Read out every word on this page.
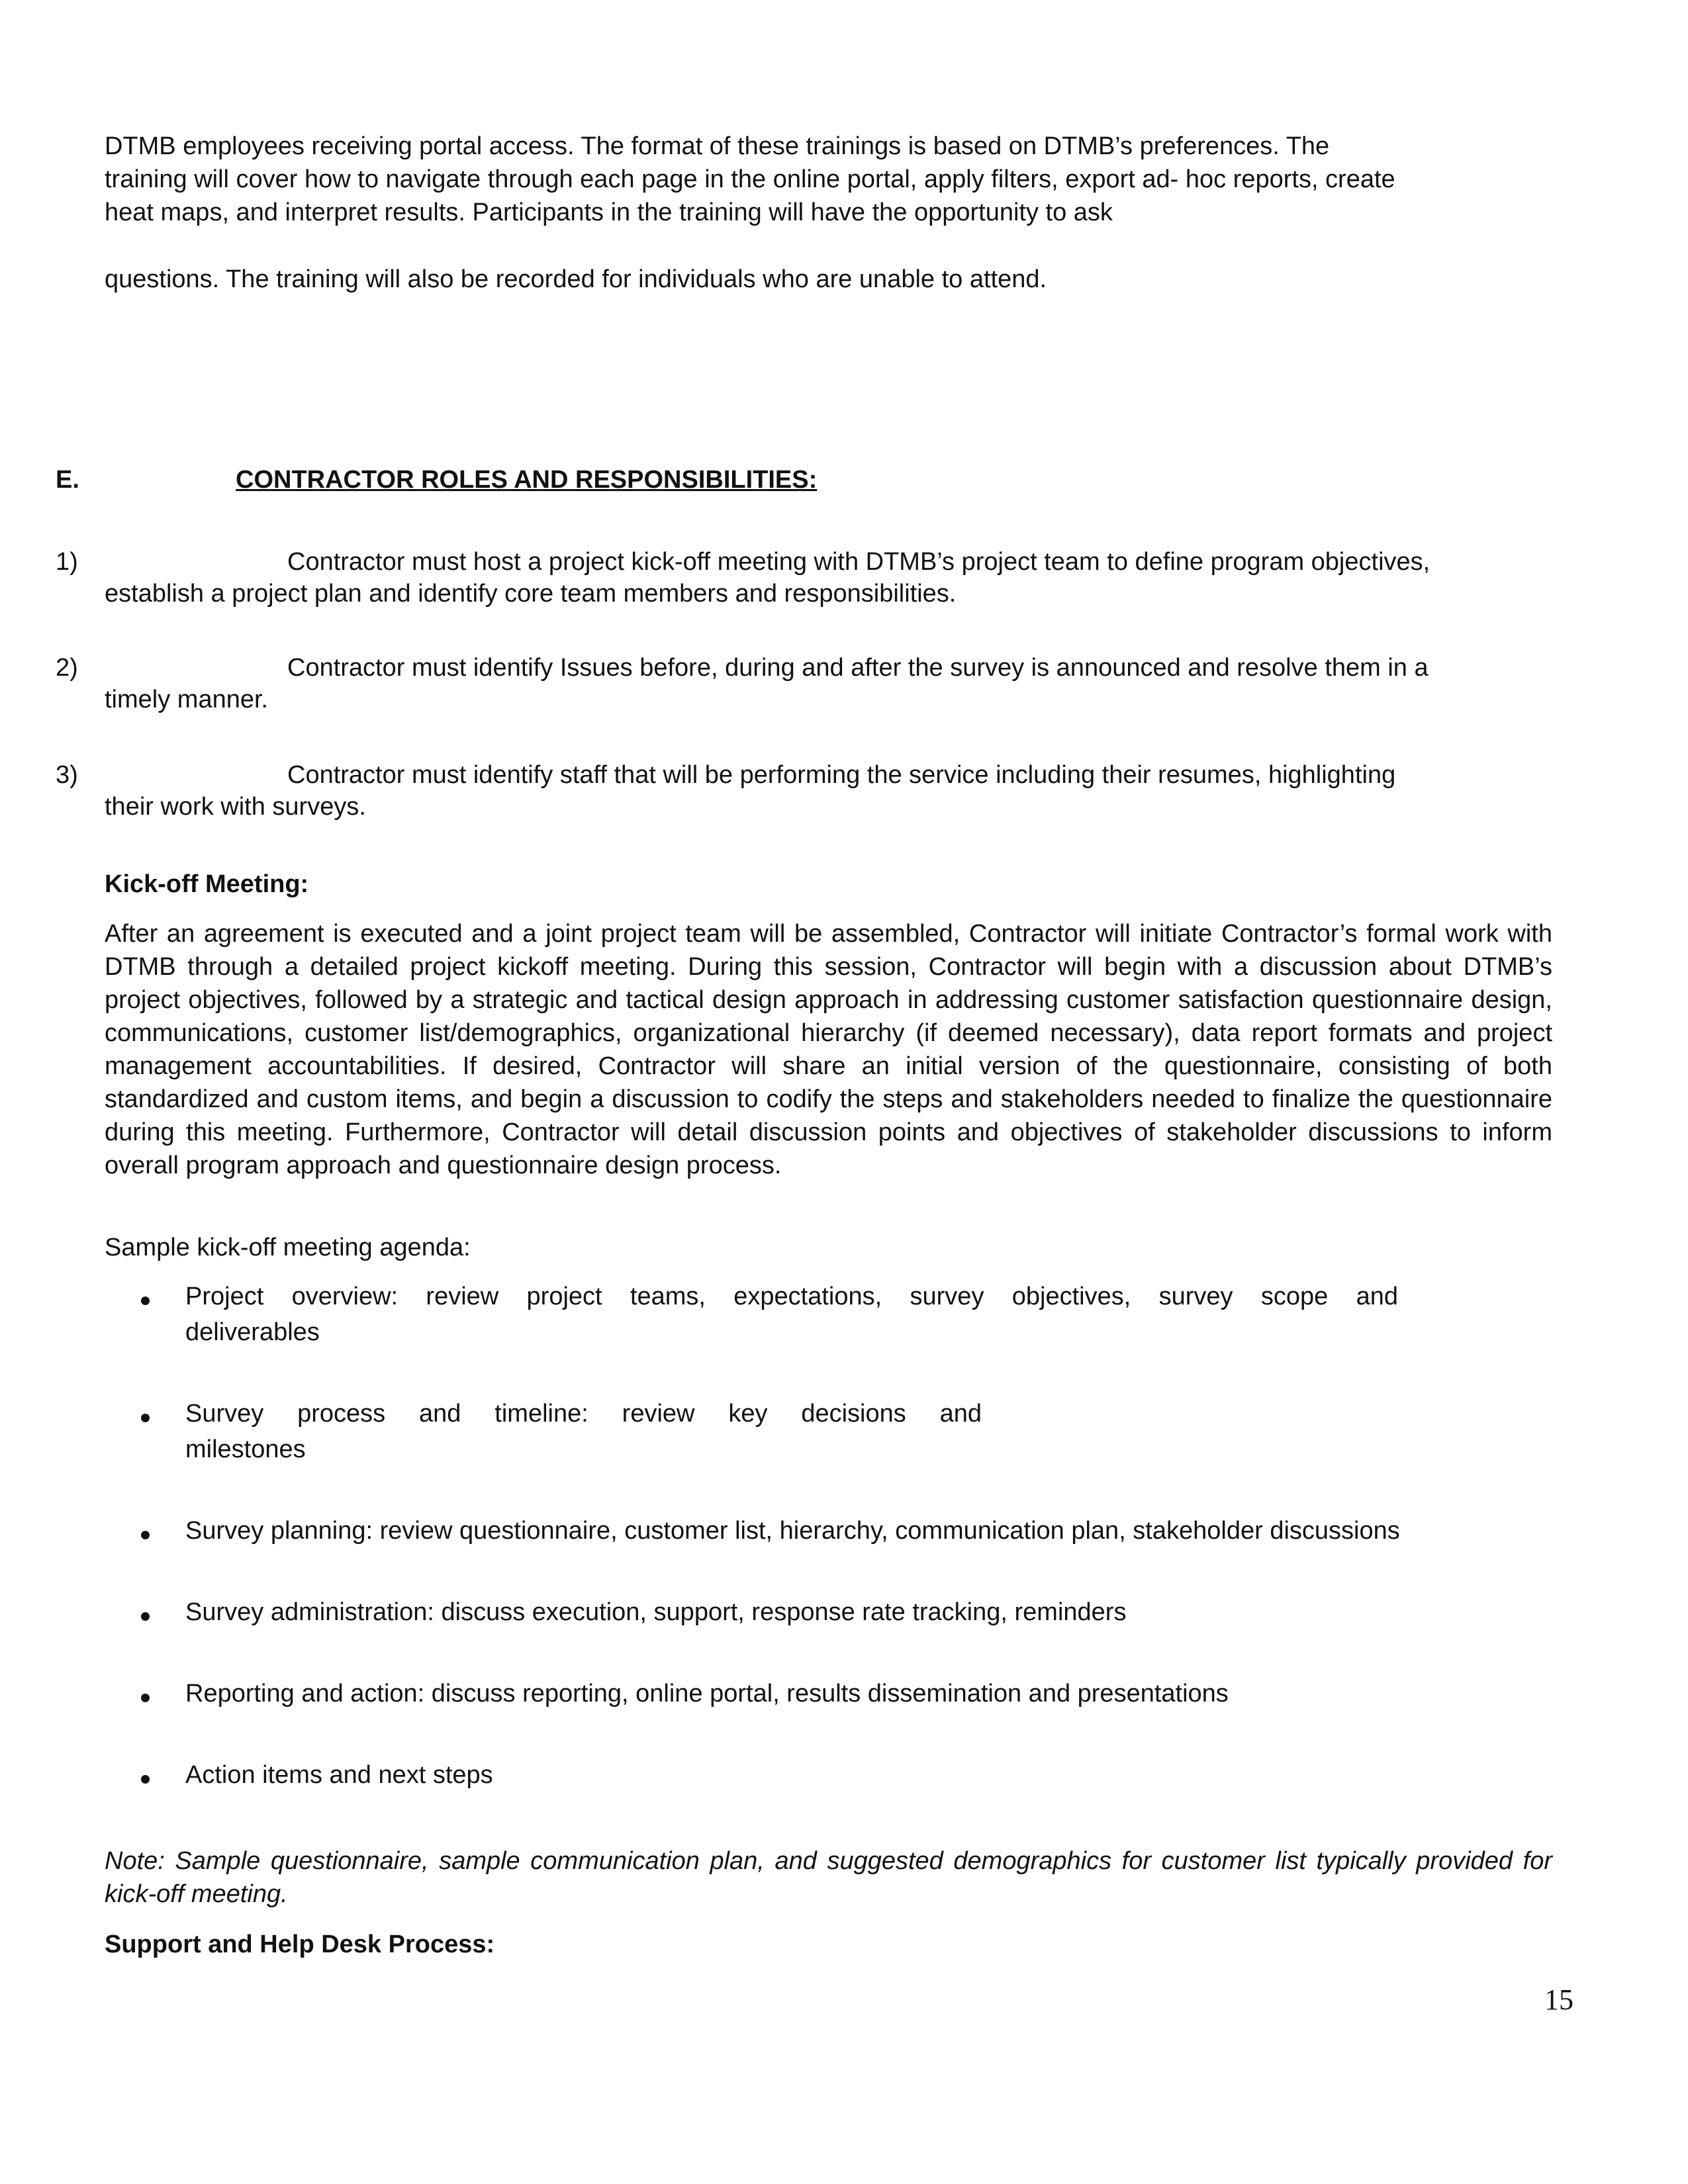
DTMB employees receiving portal access. The format of these trainings is based on DTMB’s preferences. The
training will cover how to navigate through each page in the online portal, apply filters, export ad- hoc reports, create
heat maps, and interpret results. Participants in the training will have the opportunity to ask
questions. The training will also be recorded for individuals who are unable to attend.
E.	CONTRACTOR ROLES AND RESPONSIBILITIES:
1)	Contractor must host a project kick-off meeting with DTMB’s project team to define program objectives,
establish a project plan and identify core team members and responsibilities.
2)	Contractor must identify Issues before, during and after the survey is announced and resolve them in a
timely manner.
3)	Contractor must identify staff that will be performing the service including their resumes, highlighting
their work with surveys.
Kick-off Meeting:
After an agreement is executed and a joint project team will be assembled, Contractor will initiate Contractor’s formal work with DTMB through a detailed project kickoff meeting. During this session, Contractor will begin with a discussion about DTMB’s project objectives, followed by a strategic and tactical design approach in addressing customer satisfaction questionnaire design, communications, customer list/demographics, organizational hierarchy (if deemed necessary), data report formats and project management accountabilities. If desired, Contractor will share an initial version of the questionnaire, consisting of both standardized and custom items, and begin a discussion to codify the steps and stakeholders needed to finalize the questionnaire during this meeting. Furthermore, Contractor will detail discussion points and objectives of stakeholder discussions to inform overall program approach and questionnaire design process.
Sample kick-off meeting agenda:
Project overview: review project teams, expectations, survey objectives, survey scope and
deliverables
Survey process and timeline: review key decisions and
milestones
Survey planning: review questionnaire, customer list, hierarchy, communication plan, stakeholder discussions
Survey administration: discuss execution, support, response rate tracking, reminders
Reporting and action: discuss reporting, online portal, results dissemination and presentations
Action items and next steps
Note: Sample questionnaire, sample communication plan, and suggested demographics for customer list typically provided for kick-off meeting.
Support and Help Desk Process:
15
